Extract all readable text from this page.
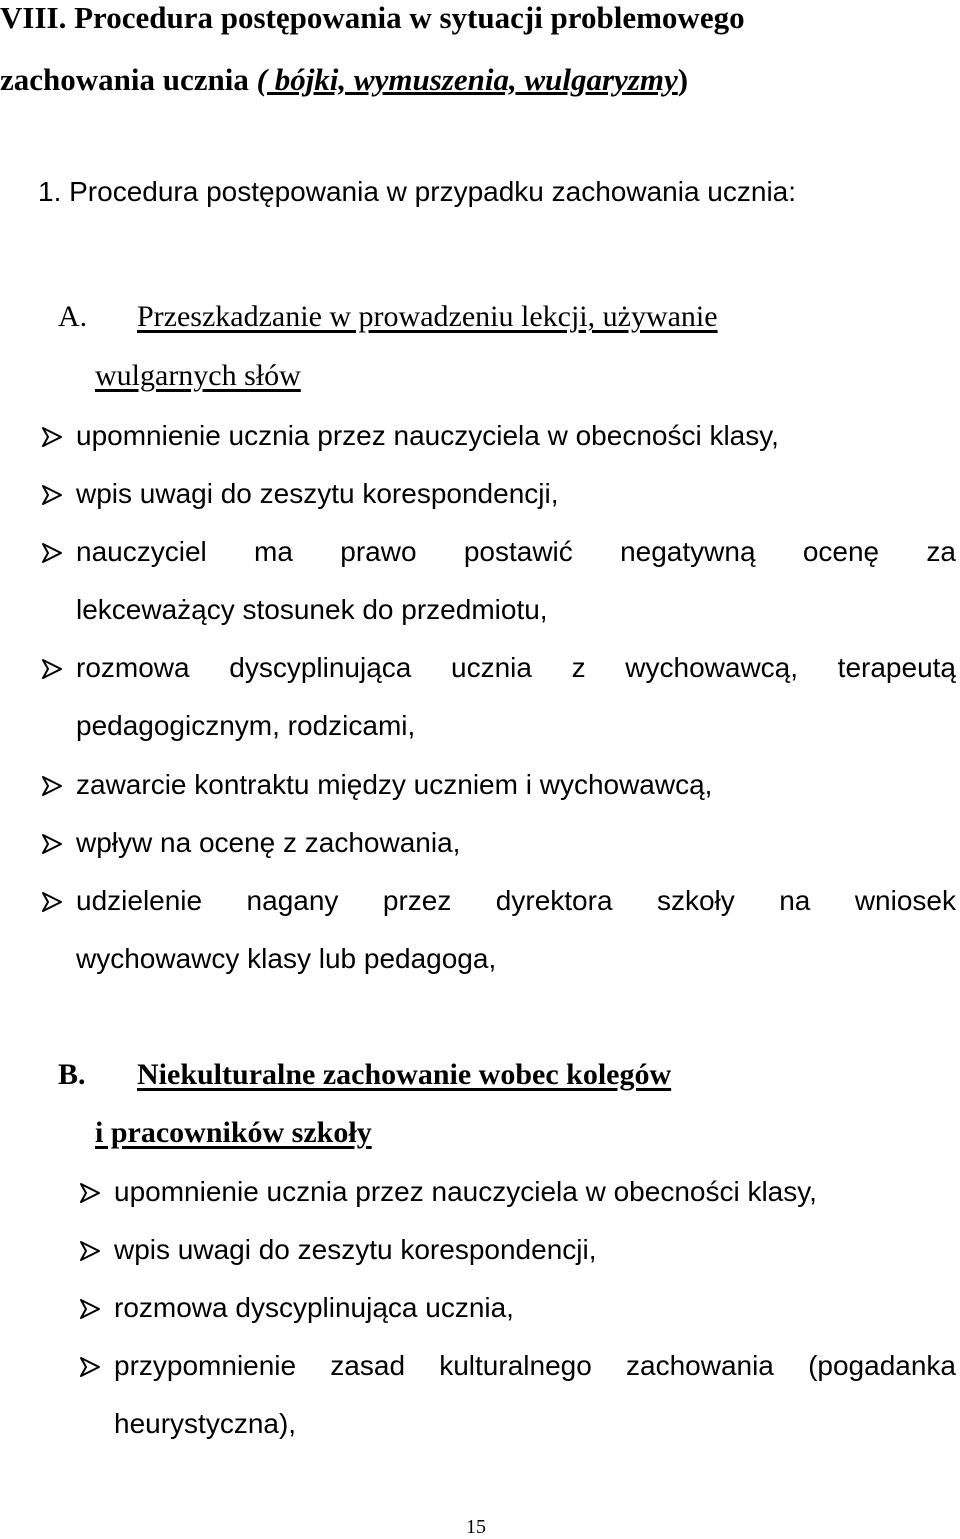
VIII. Procedura postępowania w sytuacji problemowego
zachowania ucznia ( bójki, wymuszenia, wulgaryzmy)
1. Procedura postępowania w przypadku zachowania ucznia:
A.	Przeszkadzanie w prowadzeniu lekcji, używanie
wulgarnych słów
upomnienie ucznia przez nauczyciela w obecności klasy,
wpis uwagi do zeszytu korespondencji,
nauczyciel ma prawo postawić negatywną ocenę za
lekceważący stosunek do przedmiotu,
rozmowa dyscyplinująca ucznia z wychowawcą, terapeutą
pedagogicznym, rodzicami,
zawarcie kontraktu między uczniem i wychowawcą,
wpływ na ocenę z zachowania,
udzielenie nagany przez dyrektora szkoły na wniosek
wychowawcy klasy lub pedagoga,
B.	Niekulturalne zachowanie wobec kolegów
i pracowników szkoły
upomnienie ucznia przez nauczyciela w obecności klasy,
wpis uwagi do zeszytu korespondencji,
rozmowa dyscyplinująca ucznia,
przypomnienie zasad kulturalnego zachowania (pogadanka
heurystyczna),
15
